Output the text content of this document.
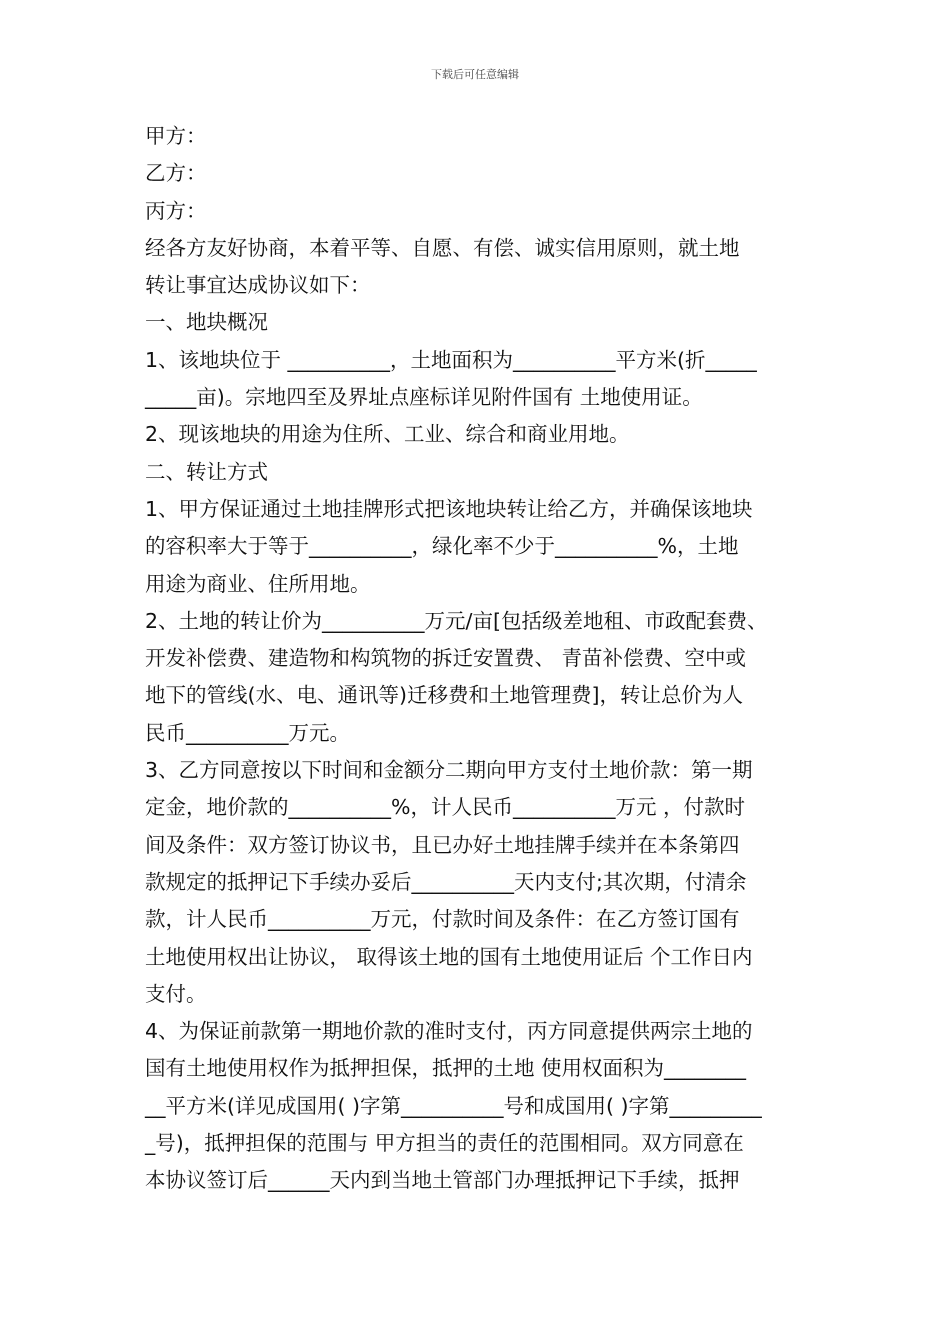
下载后可任意编辑
甲方：
乙方：
丙方：
经各方友好协商，本着平等、自愿、有偿、诚实信用原则，就土地
转让事宜达成协议如下：
一、地块概况
1、该地块位于 __________，土地面积为__________平方米(折_____
_____亩)。宗地四至及界址点座标详见附件国有 土地使用证。
2、现该地块的用途为住所、工业、综合和商业用地。
二、转让方式
1、甲方保证通过土地挂牌形式把该地块转让给乙方，并确保该地块
的容积率大于等于__________，绿化率不少于__________%，土地
用途为商业、住所用地。
2、土地的转让价为__________万元/亩[包括级差地租、市政配套费、
开发补偿费、建造物和构筑物的拆迁安置费、 青苗补偿费、空中或
地下的管线(水、电、通讯等)迁移费和土地管理费]，转让总价为人
民币__________万元。
3、乙方同意按以下时间和金额分二期向甲方支付土地价款：第一期
定金，地价款的__________%，计人民币__________万元 ，付款时
间及条件：双方签订协议书，且已办好土地挂牌手续并在本条第四
款规定的抵押记下手续办妥后__________天内支付;其次期，付清余
款，计人民币__________万元，付款时间及条件：在乙方签订国有
土地使用权出让协议， 取得该土地的国有土地使用证后 个工作日内
支付。
4、为保证前款第一期地价款的准时支付，丙方同意提供两宗土地的
国有土地使用权作为抵押担保，抵押的土地 使用权面积为________
__平方米(详见成国用( )字第__________号和成国用( )字第_________
_号)，抵押担保的范围与 甲方担当的责任的范围相同。双方同意在
本协议签订后______天内到当地土管部门办理抵押记下手续，抵押
